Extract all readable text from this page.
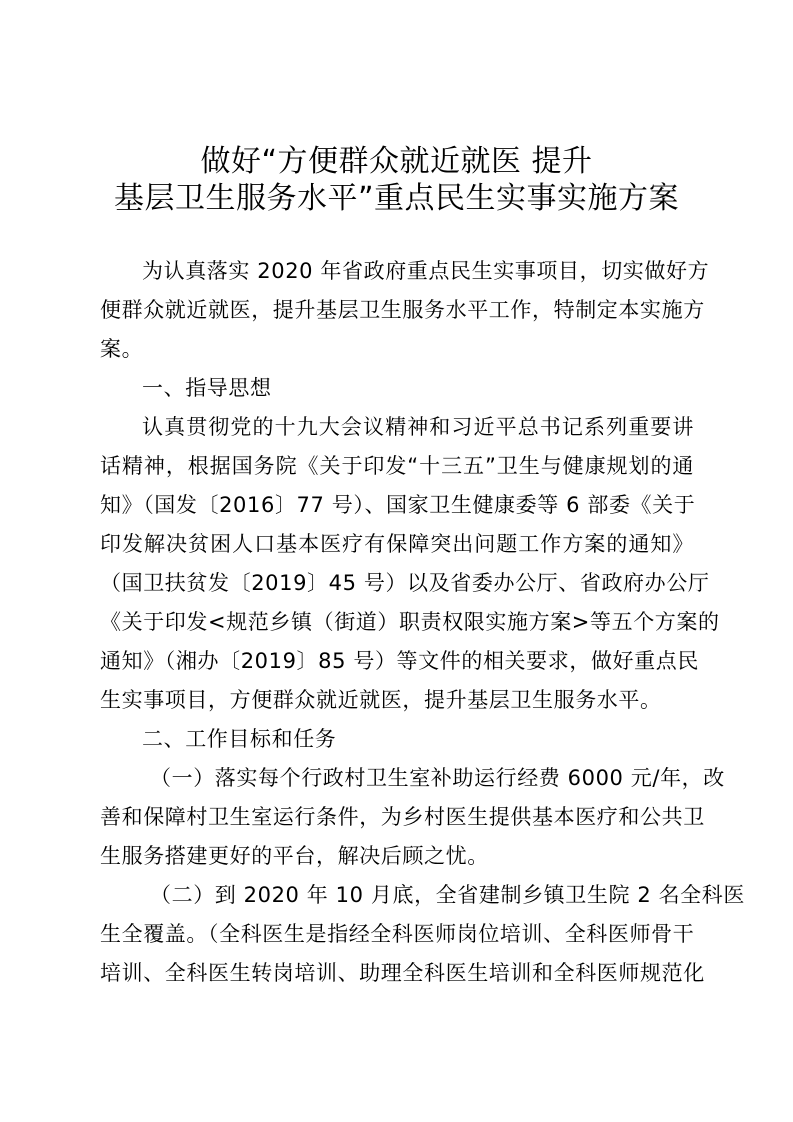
做好“方便群众就近就医 提升
基层卫生服务水平”重点民生实事实施方案

为认真落实 2020 年省政府重点民生实事项目，切实做好方

便群众就近就医，提升基层卫生服务水平工作，特制定本实施方

案。

一、指导思想

认真贯彻党的十九大会议精神和习近平总书记系列重要讲

话精神，根据国务院《关于印发“十三五”卫生与健康规划的通

知》（国发〔2016〕77 号）、国家卫生健康委等 6 部委《关于

印发解决贫困人口基本医疗有保障突出问题工作方案的通知》

（国卫扶贫发〔2019〕45 号）以及省委办公厅、省政府办公厅

《关于印发<规范乡镇（街道）职责权限实施方案>等五个方案的

通知》（湘办〔2019〕85 号）等文件的相关要求，做好重点民

生实事项目，方便群众就近就医，提升基层卫生服务水平。

二、工作目标和任务

（一）落实每个行政村卫生室补助运行经费 6000 元/年，改

善和保障村卫生室运行条件，为乡村医生提供基本医疗和公共卫

生服务搭建更好的平台，解决后顾之忧。

（二）到 2020 年 10 月底，全省建制乡镇卫生院 2 名全科医

生全覆盖。（全科医生是指经全科医师岗位培训、全科医师骨干

培训、全科医生转岗培训、助理全科医生培训和全科医师规范化
